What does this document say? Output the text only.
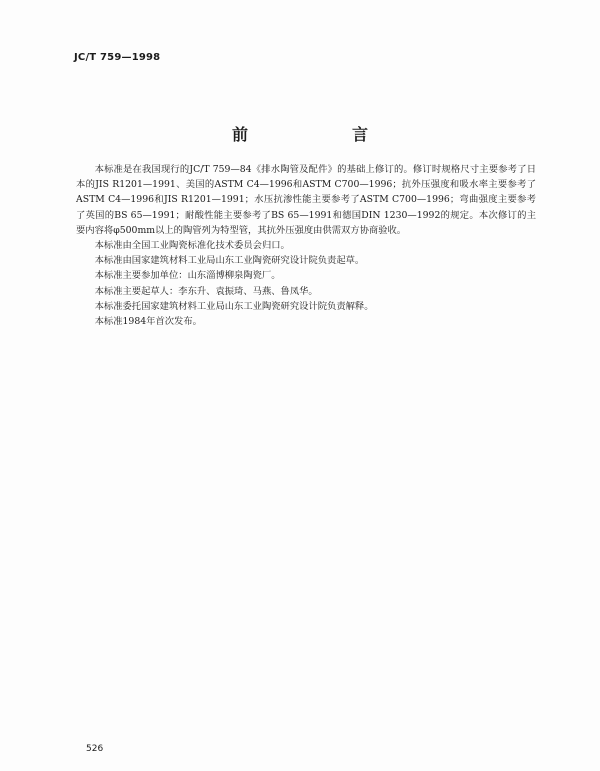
JC/T 759—1998
前　言

本标准是在我国现行的JC/T 759—84《排水陶管及配件》的基础上修订的。修订时规格尺寸主要参考了日本的JIS R1201—1991、美国的ASTM C4—1996和ASTM C700—1996；抗外压强度和吸水率主要参考了ASTM C4—1996和JIS R1201—1991；水压抗渗性能主要参考了ASTM C700—1996；弯曲强度主要参考了英国的BS 65—1991；耐酸性能主要参考了BS 65—1991和德国DIN 1230—1992的规定。本次修订的主要内容将φ500mm以上的陶管列为特型管，其抗外压强度由供需双方协商验收。

本标准由全国工业陶瓷标准化技术委员会归口。

本标准由国家建筑材料工业局山东工业陶瓷研究设计院负责起草。

本标准主要参加单位：山东淄博柳泉陶瓷厂。

本标准主要起草人：李东升、袁振琦、马燕、鲁凤华。

本标准委托国家建筑材料工业局山东工业陶瓷研究设计院负责解释。

本标准1984年首次发布。

526
